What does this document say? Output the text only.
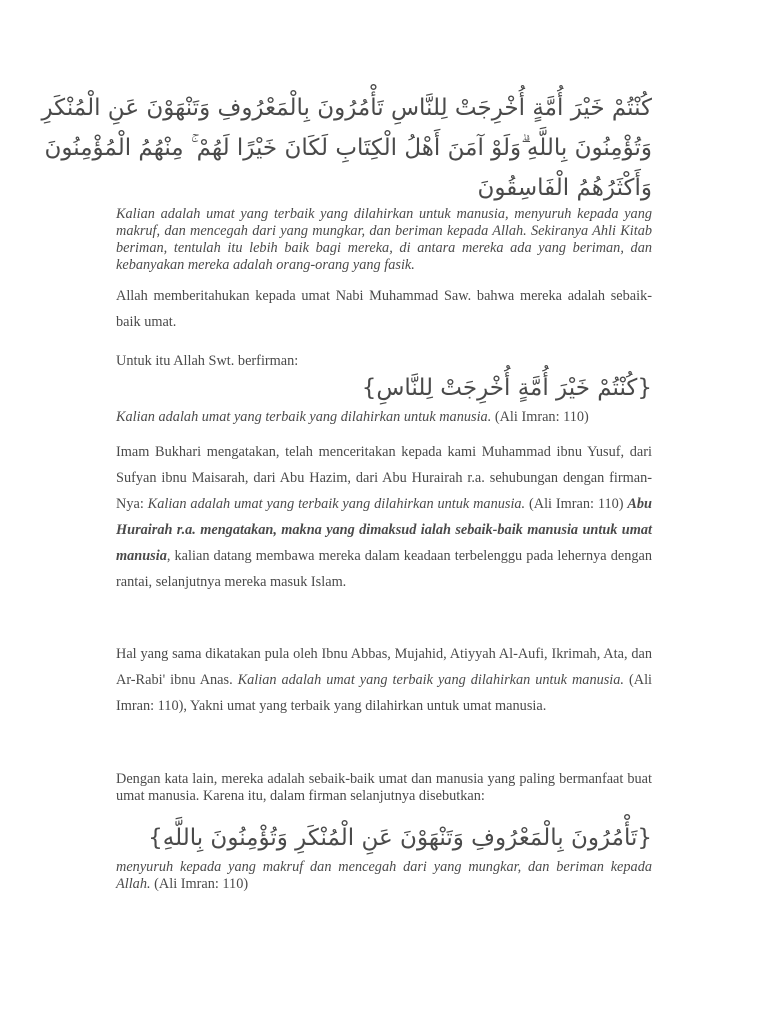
كُنْتُمْ خَيْرَ أُمَّةٍ أُخْرِجَتْ لِلنَّاسِ تَأْمُرُونَ بِالْمَعْرُوفِ وَتَنْهَوْنَ عَنِ الْمُنْكَرِ
وَتُؤْمِنُونَ بِاللَّهِ ۗوَلَوْ آمَنَ أَهْلُ الْكِتَابِ لَكَانَ خَيْرًا لَهُمْ ۚ مِنْهُمُ الْمُؤْمِنُونَ
وَأَكْثَرُهُمُ الْفَاسِقُونَ

Kalian adalah umat yang terbaik yang dilahirkan untuk manusia, menyuruh kepada yang makruf, dan mencegah dari yang mungkar, dan beriman kepada Allah. Sekiranya Ahli Kitab beriman, tentulah itu lebih baik bagi mereka, di antara mereka ada yang beriman, dan kebanyakan mereka adalah orang-orang yang fasik.

Allah memberitahukan kepada umat Nabi Muhammad Saw. bahwa mereka adalah sebaik-baik umat.

Untuk itu Allah Swt. berfirman:

{كُنْتُمْ خَيْرَ أُمَّةٍ أُخْرِجَتْ لِلنَّاسِ}

Kalian adalah umat yang terbaik yang dilahirkan untuk manusia. (Ali Imran: 110)

Imam Bukhari mengatakan, telah menceritakan kepada kami Muhammad ibnu Yusuf, dari Sufyan ibnu Maisarah, dari Abu Hazim, dari Abu Hurairah r.a. sehubungan dengan firman-Nya: Kalian adalah umat yang terbaik yang dilahirkan untuk manusia. (Ali Imran: 110) Abu Hurairah r.a. mengatakan, makna yang dimaksud ialah sebaik-baik manusia untuk umat manusia, kalian datang membawa mereka dalam keadaan terbelenggu pada lehernya dengan rantai, selanjutnya mereka masuk Islam.

Hal yang sama dikatakan pula oleh Ibnu Abbas, Mujahid, Atiyyah Al-Aufi, Ikrimah, Ata, dan Ar-Rabi' ibnu Anas. Kalian adalah umat yang terbaik yang dilahirkan untuk manusia. (Ali Imran: 110), Yakni umat yang terbaik yang dilahirkan untuk umat manusia.

Dengan kata lain, mereka adalah sebaik-baik umat dan manusia yang paling bermanfaat buat umat manusia. Karena itu, dalam firman selanjutnya disebutkan:

{تَأْمُرُونَ بِالْمَعْرُوفِ وَتَنْهَوْنَ عَنِ الْمُنْكَرِ وَتُؤْمِنُونَ بِاللَّهِ}

menyuruh kepada yang makruf dan mencegah dari yang mungkar, dan beriman kepada Allah. (Ali Imran: 110)
